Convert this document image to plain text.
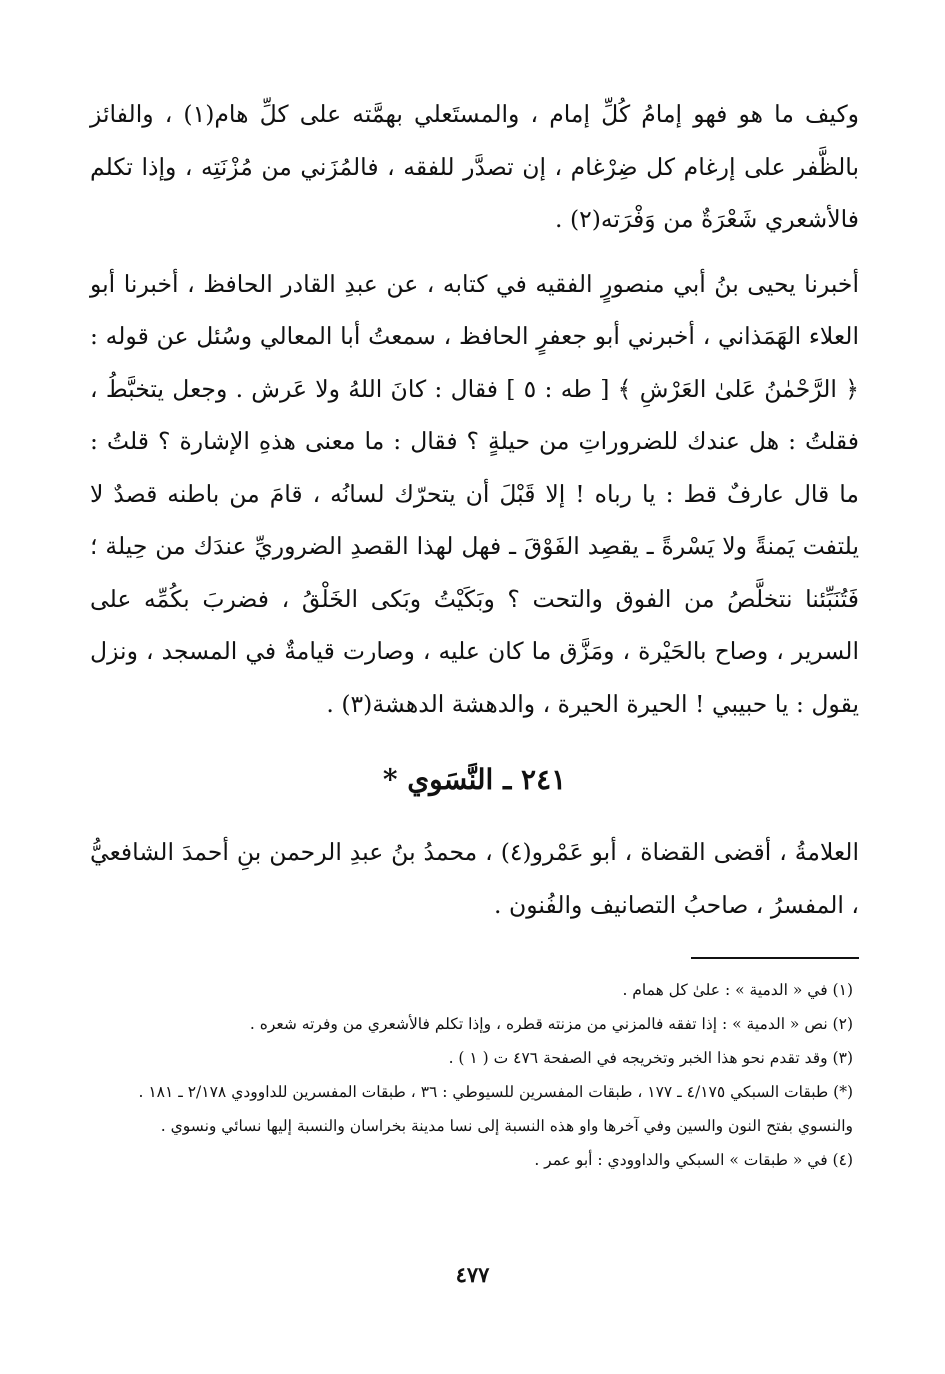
وكيف ما هو فهو إمامُ كُلِّ إمام ، والمستَعلي بهمَّته على كلِّ هام(١) ، والفائز بالظَّفر على إرغام كل ضِرْغام ، إن تصدَّر للفقه ، فالمُزَني من مُزْنَتِه ، وإذا تكلم فالأشعري شَعْرَةٌ من وَفْرَته(٢) .

أخبرنا يحيى بنُ أبي منصورٍ الفقيه في كتابه ، عن عبدِ القادر الحافظ ، أخبرنا أبو العلاء الهَمَذاني ، أخبرني أبو جعفرٍ الحافظ ، سمعتُ أبا المعالي وسُئل عن قوله : ﴿ الرَّحْمٰنُ عَلىٰ العَرْشِ ﴾ [ طه : ٥ ] فقال : كانَ اللهُ ولا عَرش . وجعل يتخبَّطُ ، فقلتُ : هل عندك للضروراتِ من حيلةٍ ؟ فقال : ما معنى هذهِ الإشارة ؟ قلتُ : ما قال عارفٌ قط : يا رباه ! إلا قَبْلَ أن يتحرّك لسانُه ، قامَ من باطنه قصدٌ لا يلتفت يَمنةً ولا يَسْرةً ـ يقصِد الفَوْقَ ـ فهل لهذا القصدِ الضروريِّ عندَك من حِيلة ؛ فَتُنَبِّئنا نتخلَّصُ من الفوق والتحت ؟ وبَكَيْتُ وبَكى الخَلْقُ ، فضربَ بكُمِّه على السرير ، وصاح بالحَيْرة ، ومَزَّق ما كان عليه ، وصارت قيامةٌ في المسجد ، ونزل يقول : يا حبيبي ! الحيرة الحيرة ، والدهشة الدهشة(٣) .

٢٤١ ـ النَّسَوي *

العلامةُ ، أقضى القضاة ، أبو عَمْرو(٤) ، محمدُ بنُ عبدِ الرحمن بنِ أحمدَ الشافعيُّ ، المفسرُ ، صاحبُ التصانيف والفُنون .

(١) في « الدمية » : علىٰ كل همام .

(٢) نص « الدمية » : إذا تفقه فالمزني من مزنته قطره ، وإذا تكلم فالأشعري من وفرته شعره .

(٣) وقد تقدم نحو هذا الخبر وتخريجه في الصفحة ٤٧٦ ت ( ١ ) .

(*) طبقات السبكي ٤/١٧٥ ـ ١٧٧ ، طبقات المفسرين للسيوطي : ٣٦ ، طبقات المفسرين للداوودي ٢/١٧٨ ـ ١٨١ . والنسوي بفتح النون والسين وفي آخرها واو هذه النسبة إلى نسا مدينة بخراسان والنسبة إليها نسائي ونسوي .

(٤) في « طبقات » السبكي والداوودي : أبو عمر .

٤٧٧
